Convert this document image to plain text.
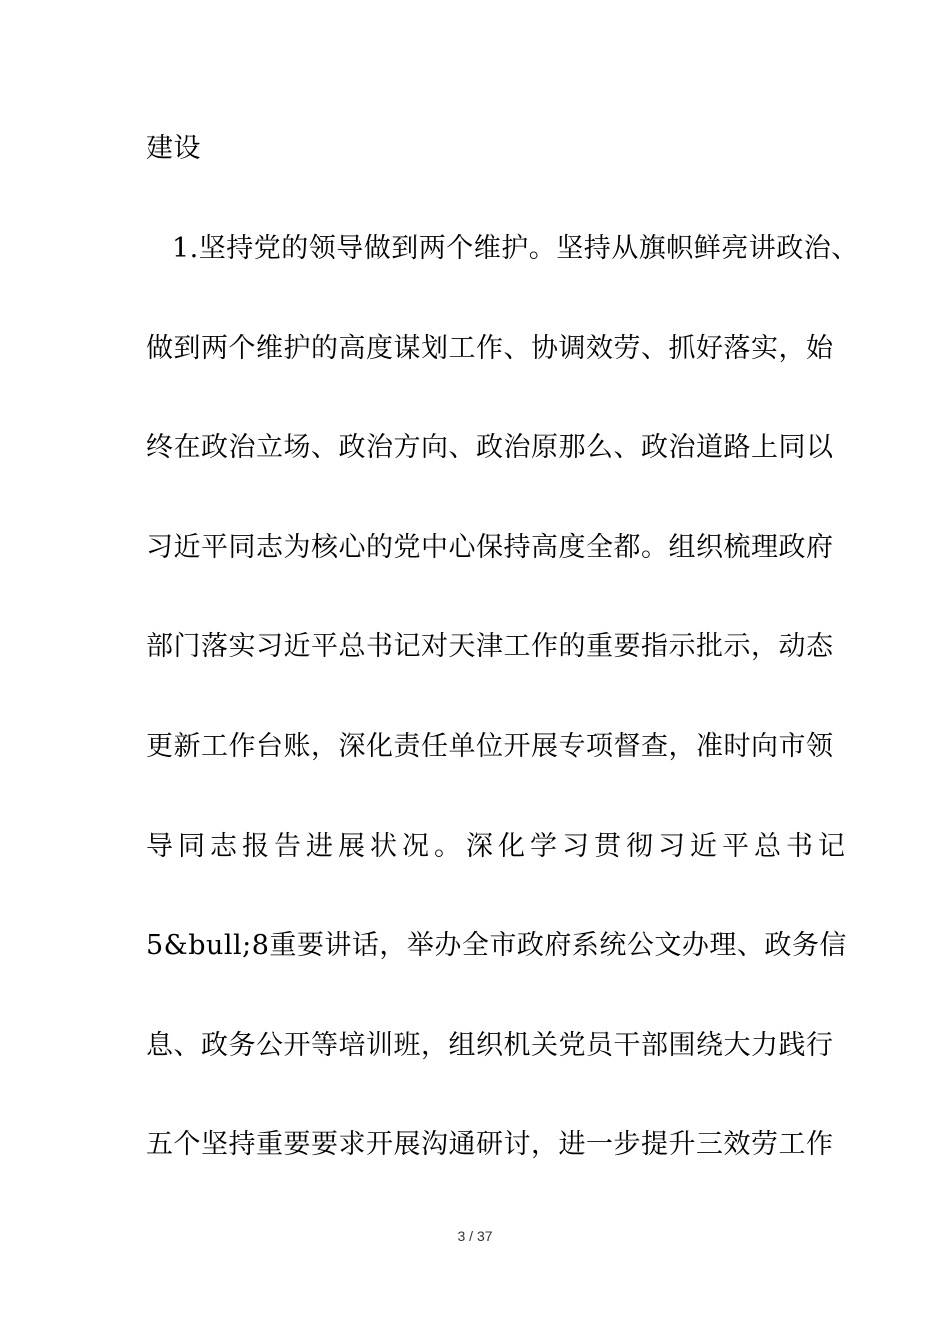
建设
1.坚持党的领导做到两个维护。坚持从旗帜鲜亮讲政治、
做到两个维护的高度谋划工作、协调效劳、抓好落实，始
终在政治立场、政治方向、政治原那么、政治道路上同以
习近平同志为核心的党中心保持高度全都。组织梳理政府
部门落实习近平总书记对天津工作的重要指示批示，动态
更新工作台账，深化责任单位开展专项督查，准时向市领
导同志报告进展状况。深化学习贯彻习近平总书记
5&bull;8重要讲话，举办全市政府系统公文办理、政务信
息、政务公开等培训班，组织机关党员干部围绕大力践行
五个坚持重要要求开展沟通研讨，进一步提升三效劳工作
3 / 37
